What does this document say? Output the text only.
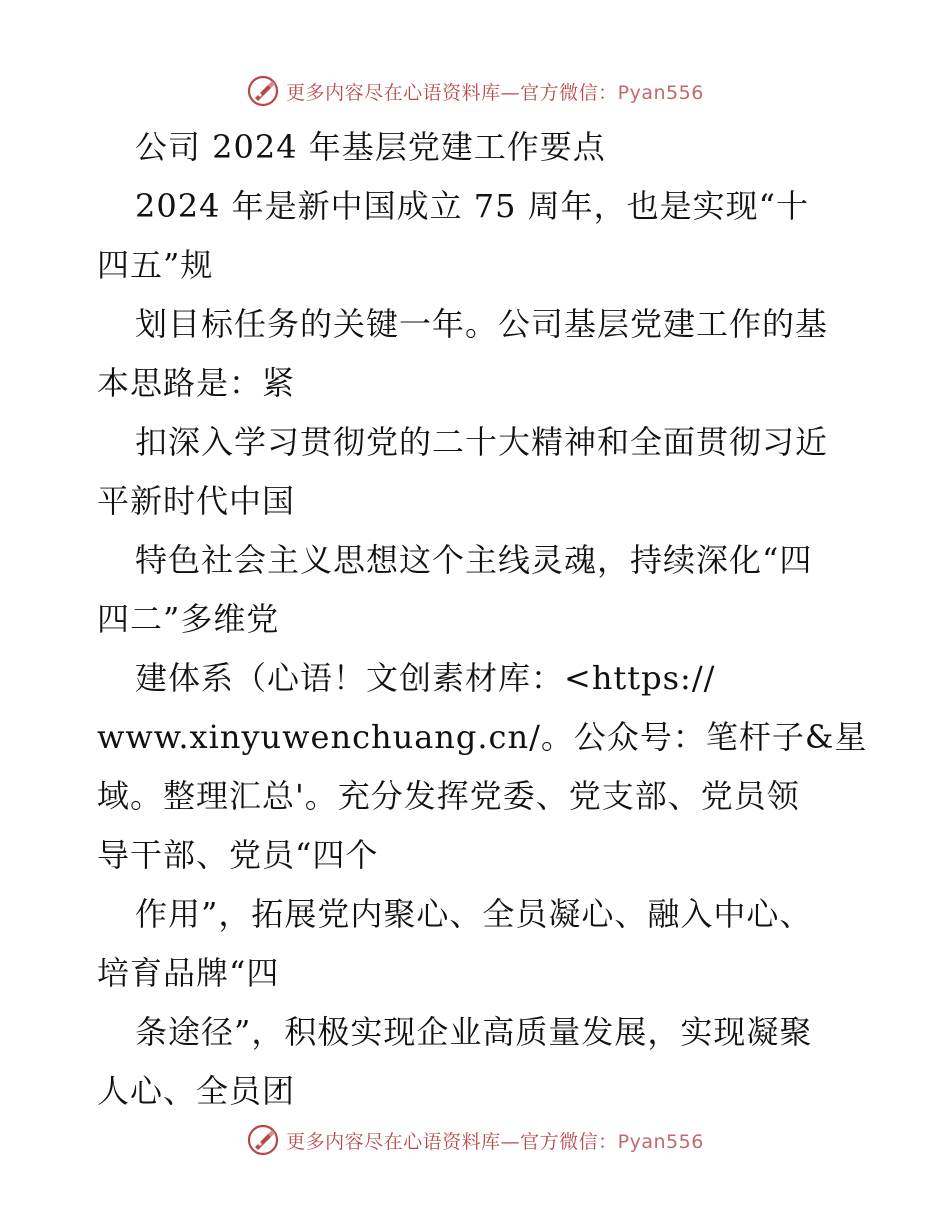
更多内容尽在心语资料库—官方微信：Pyan556
公司 2024 年基层党建工作要点
2024 年是新中国成立 75 周年，也是实现“十
四五”规
划目标任务的关键一年。公司基层党建工作的基
本思路是：紧
扣深入学习贯彻党的二十大精神和全面贯彻习近
平新时代中国
特色社会主义思想这个主线灵魂，持续深化“四
四二”多维党
建体系（心语！文创素材库：<https://
www.xinyuwenchuang.cn/。公众号：笔杆子&星
域。整理汇总'。充分发挥党委、党支部、党员领
导干部、党员“四个
作用”，拓展党内聚心、全员凝心、融入中心、
培育品牌“四
条途径”，积极实现企业高质量发展，实现凝聚
人心、全员团
更多内容尽在心语资料库—官方微信：Pyan556
